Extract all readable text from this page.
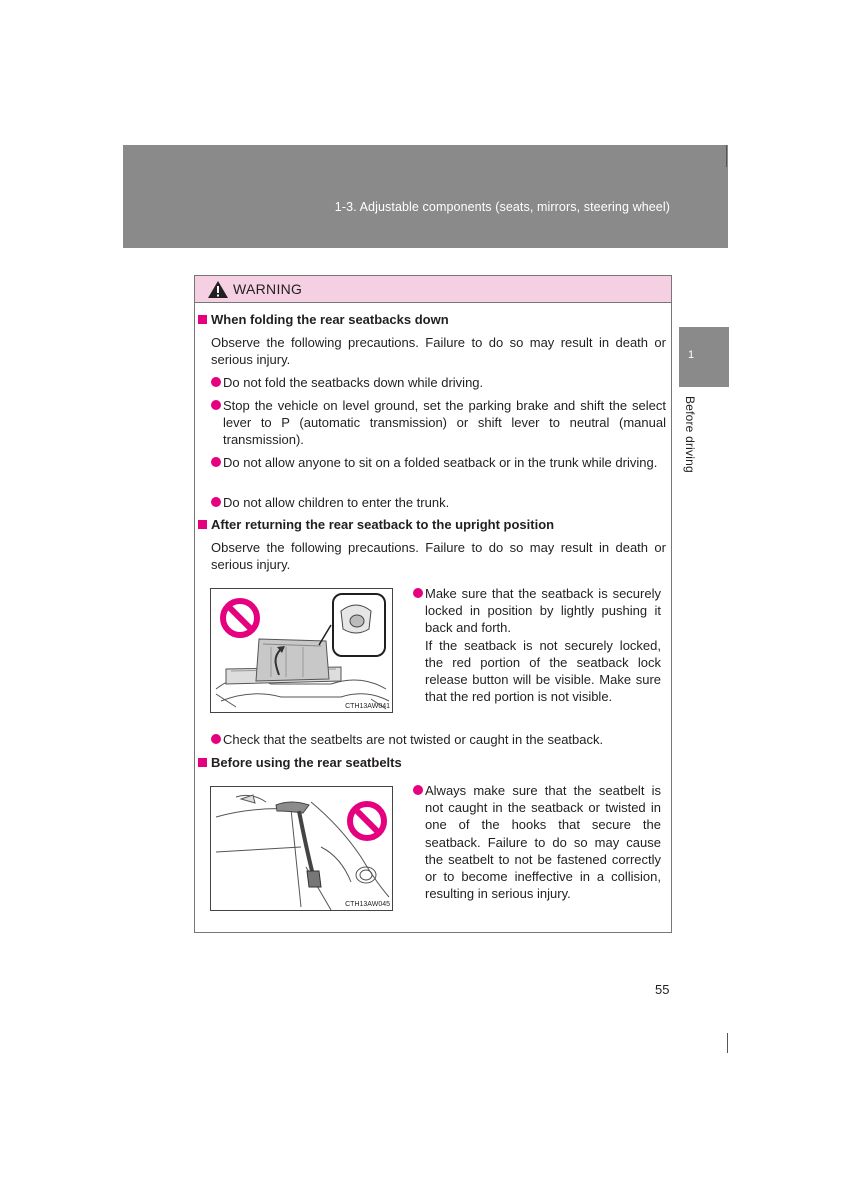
1-3. Adjustable components (seats, mirrors, steering wheel)
1
Before driving
WARNING
When folding the rear seatbacks down
Observe the following precautions. Failure to do so may result in death or serious injury.
Do not fold the seatbacks down while driving.
Stop the vehicle on level ground, set the parking brake and shift the select lever to P (automatic transmission) or shift lever to neutral (manual transmission).
Do not allow anyone to sit on a folded seatback or in the trunk while driving.
Do not allow children to enter the trunk.
After returning the rear seatback to the upright position
Observe the following precautions. Failure to do so may result in death or serious injury.
CTH13AW041
Make sure that the seatback is securely locked in position by lightly pushing it back and forth.
If the seatback is not securely locked, the red portion of the seatback lock release button will be visible. Make sure that the red portion is not visible.
Check that the seatbelts are not twisted or caught in the seatback.
Before using the rear seatbelts
CTH13AW045
Always make sure that the seatbelt is not caught in the seatback or twisted in one of the hooks that secure the seatback. Failure to do so may cause the seatbelt to not be fastened correctly or to become ineffective in a collision, resulting in serious injury.
55
